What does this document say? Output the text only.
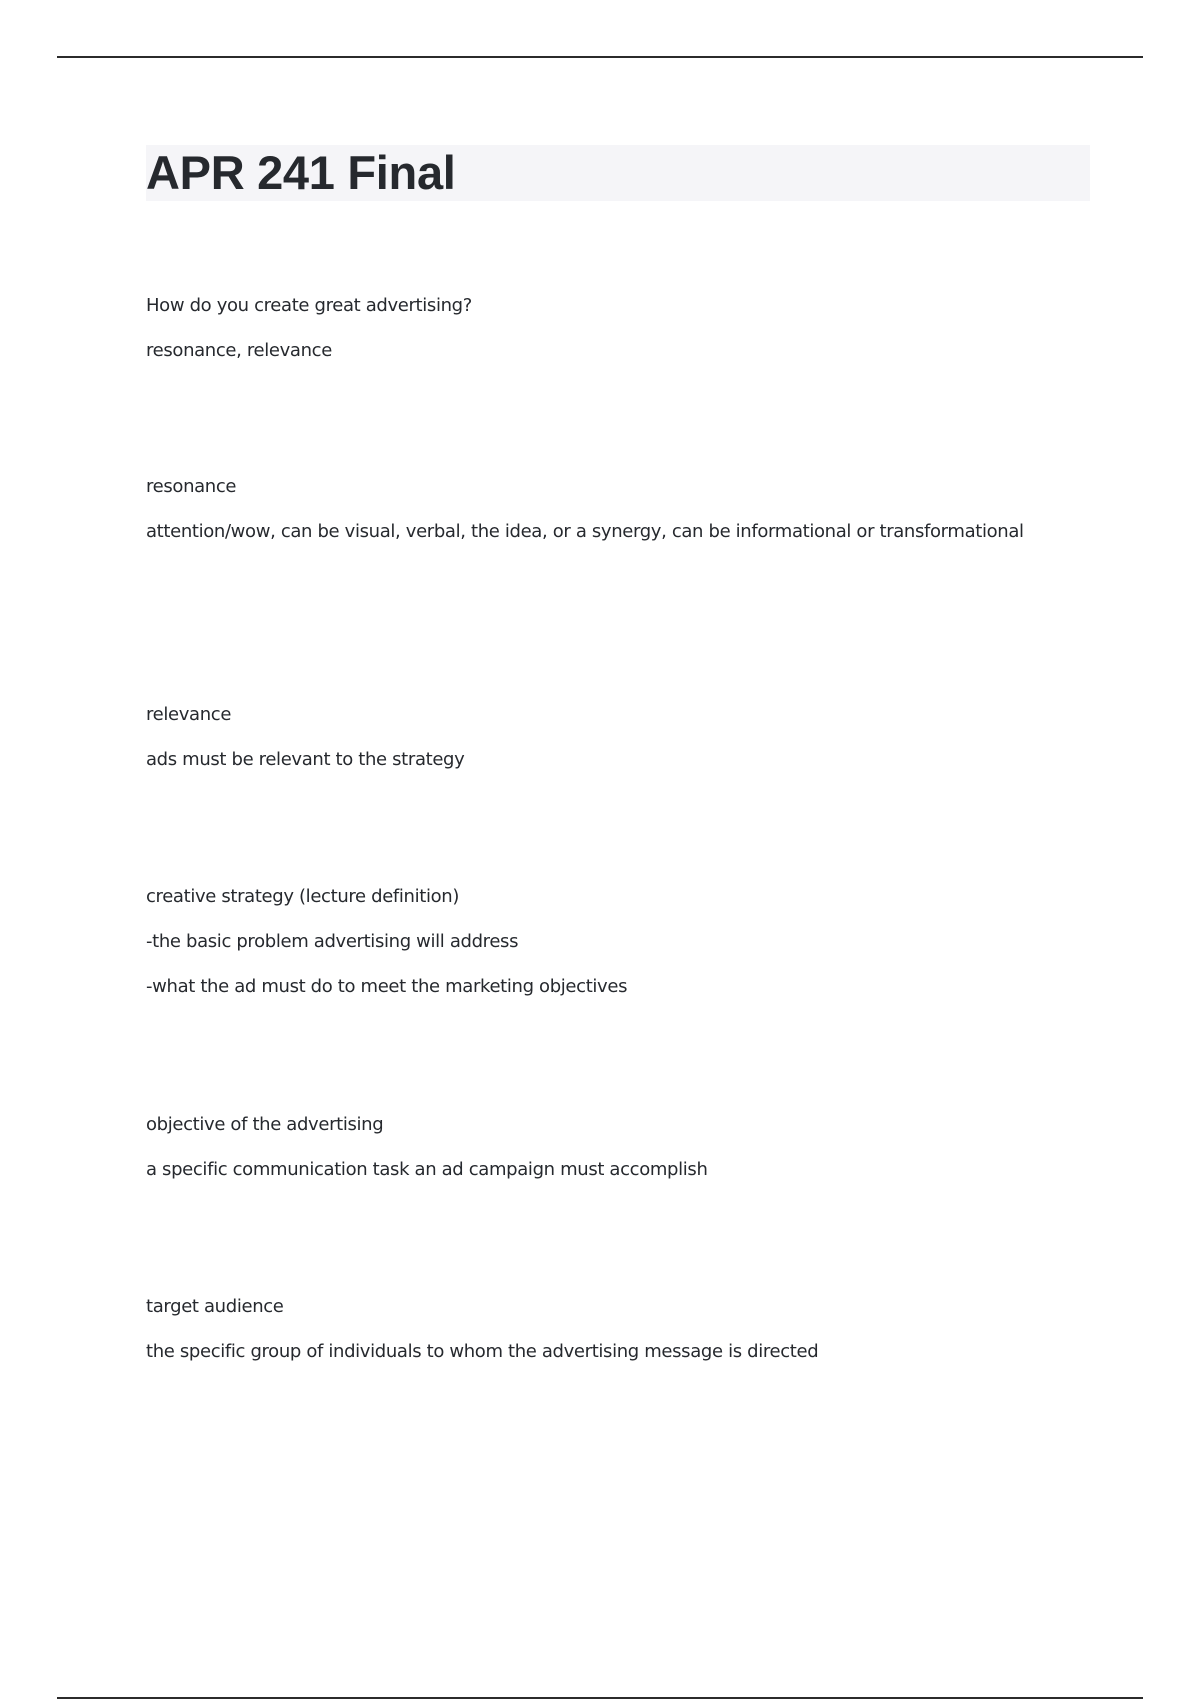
APR 241 Final
How do you create great advertising?
resonance, relevance
resonance
attention/wow, can be visual, verbal, the idea, or a synergy, can be informational or transformational
relevance
ads must be relevant to the strategy
creative strategy (lecture definition)
-the basic problem advertising will address
-what the ad must do to meet the marketing objectives
objective of the advertising
a specific communication task an ad campaign must accomplish
target audience
the specific group of individuals to whom the advertising message is directed
